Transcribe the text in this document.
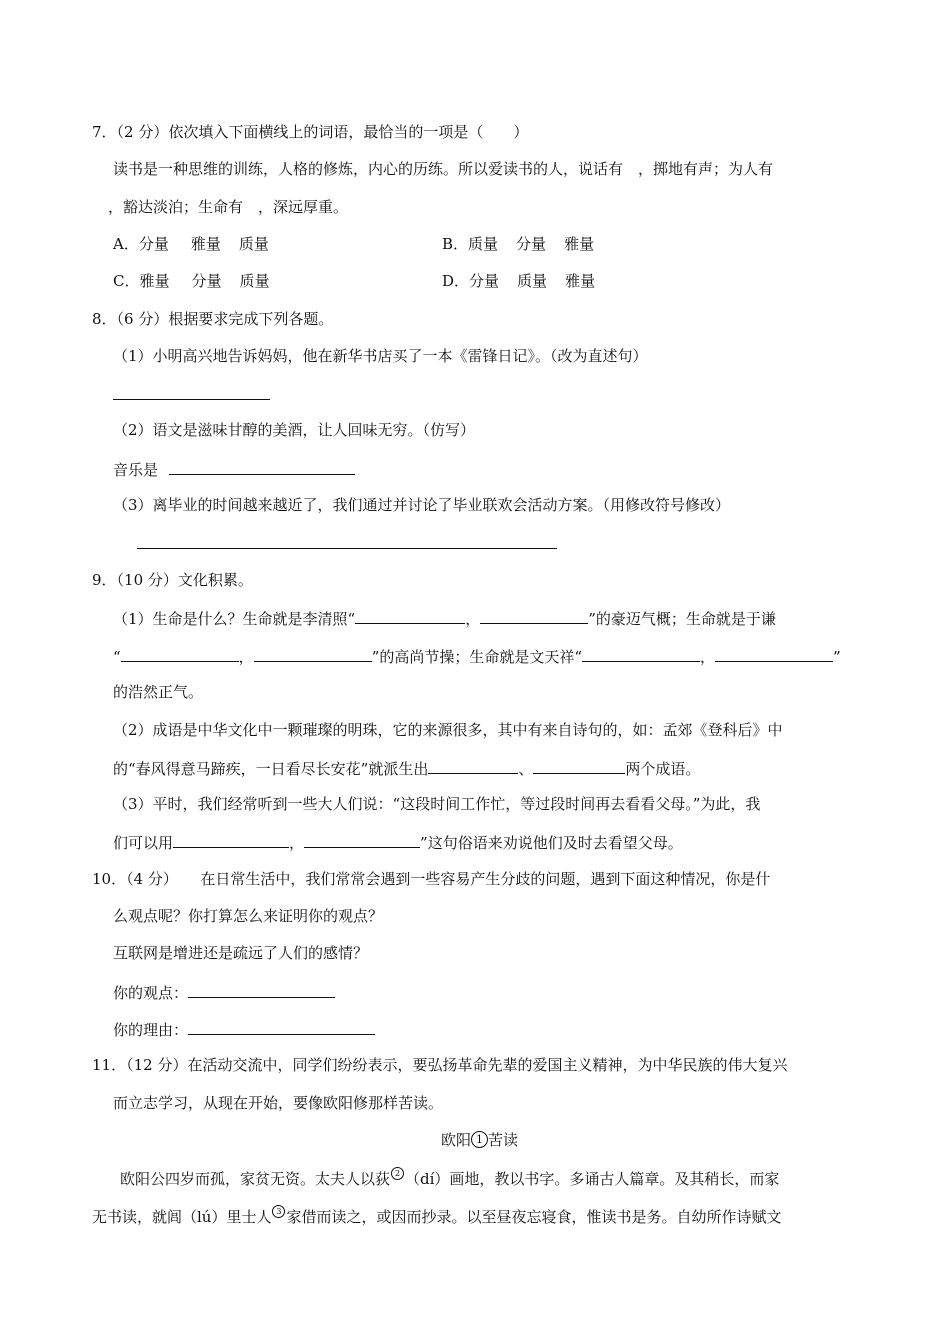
7．（2 分）依次填入下面横线上的词语，最恰当的一项是（　　）
读书是一种思维的训练，人格的修炼，内心的历练。所以爱读书的人，说话有　，掷地有声；为人有
，豁达淡泊；生命有　，深远厚重。
A．分量 雅量 质量	B．质量 分量 雅量
C．雅量 分量 质量	D．分量 质量 雅量
8．（6 分）根据要求完成下列各题。
（1）小明高兴地告诉妈妈，他在新华书店买了一本《雷锋日记》。（改为直述句）
（2）语文是滋味甘醇的美酒，让人回味无穷。（仿写）
音乐是
（3）离毕业的时间越来越近了，我们通过并讨论了毕业联欢会活动方案。（用修改符号修改）
9．（10 分）文化积累。
（1）生命是什么？生命就是李清照“	，	”的豪迈气概；生命就是于谦
“	，	”的高尚节操；生命就是文天祥“	，	”
的浩然正气。
（2）成语是中华文化中一颗璀璨的明珠，它的来源很多，其中有来自诗句的，如：孟郊《登科后》中
的“春风得意马蹄疾，一日看尽长安花”就派生出	、	两个成语。
（3）平时，我们经常听到一些大人们说：“这段时间工作忙，等过段时间再去看看父母。”为此，我
们可以用	，	”这句俗语来劝说他们及时去看望父母。
10．（4 分）　　在日常生活中，我们常常会遇到一些容易产生分歧的问题，遇到下面这种情况，你是什
么观点呢？你打算怎么来证明你的观点？
互联网是增进还是疏远了人们的感情？
你的观点：
你的理由：
11．（12 分）在活动交流中，同学们纷纷表示，要弘扬革命先辈的爱国主义精神，为中华民族的伟大复兴
而立志学习，从现在开始，要像欧阳修那样苦读。
欧阳 1 苦读
欧阳公四岁而孤，家贫无资。太夫人以荻 2 （dí）画地，教以书字。多诵古人篇章。及其稍长，而家
无书读，就闾（lú）里士人 3 家借而读之，或因而抄录。以至昼夜忘寝食，惟读书是务。自幼所作诗赋文
